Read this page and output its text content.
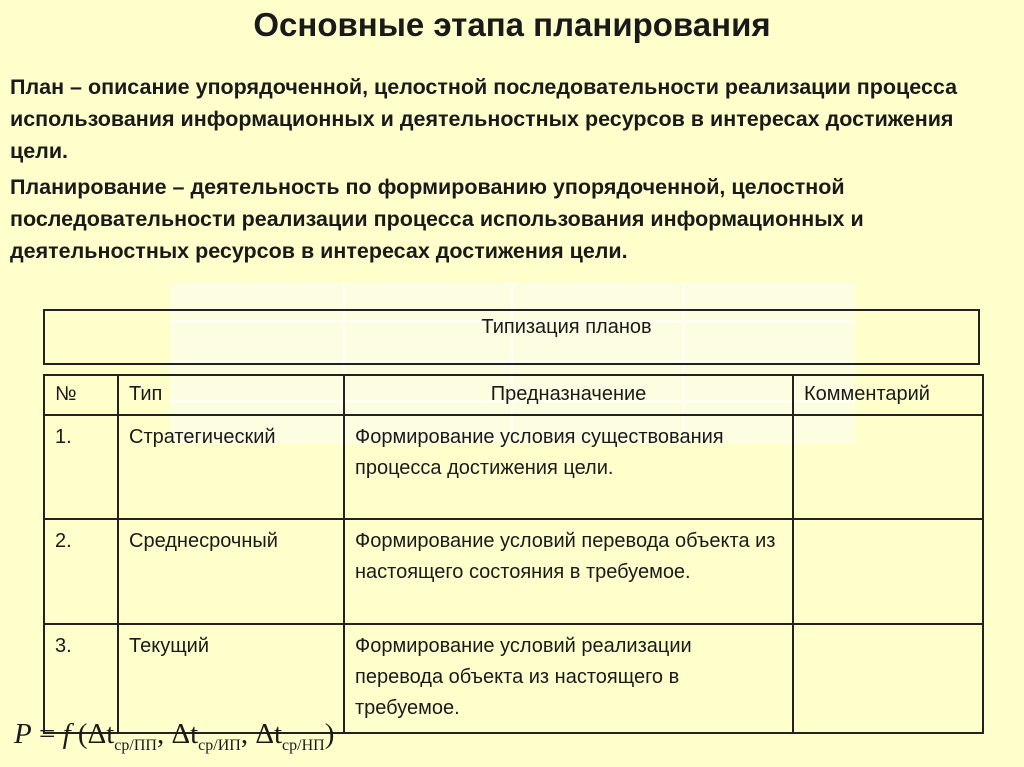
Основные этапа планирования
План – описание упорядоченной, целостной последовательности реализации процесса использования информационных и деятельностных ресурсов в интересах достижения цели.
Планирование – деятельность по формированию упорядоченной, целостной последовательности реализации процесса использования информационных и деятельностных ресурсов в интересах достижения цели.
Типизация планов
№	Тип	Предназначение	Комментарий
1.	Стратегический	Формирование условия существования процесса достижения цели.	
2.	Среднесрочный	Формирование условий перевода объекта из настоящего состояния в требуемое.	
3.	Текущий	Формирование условий реализации перевода объекта из настоящего в требуемое.	
P = f ($\Delta t_{ср/ПП}$, $\Delta t_{ср/ИП}$, $\Delta t_{ср/НП}$)
